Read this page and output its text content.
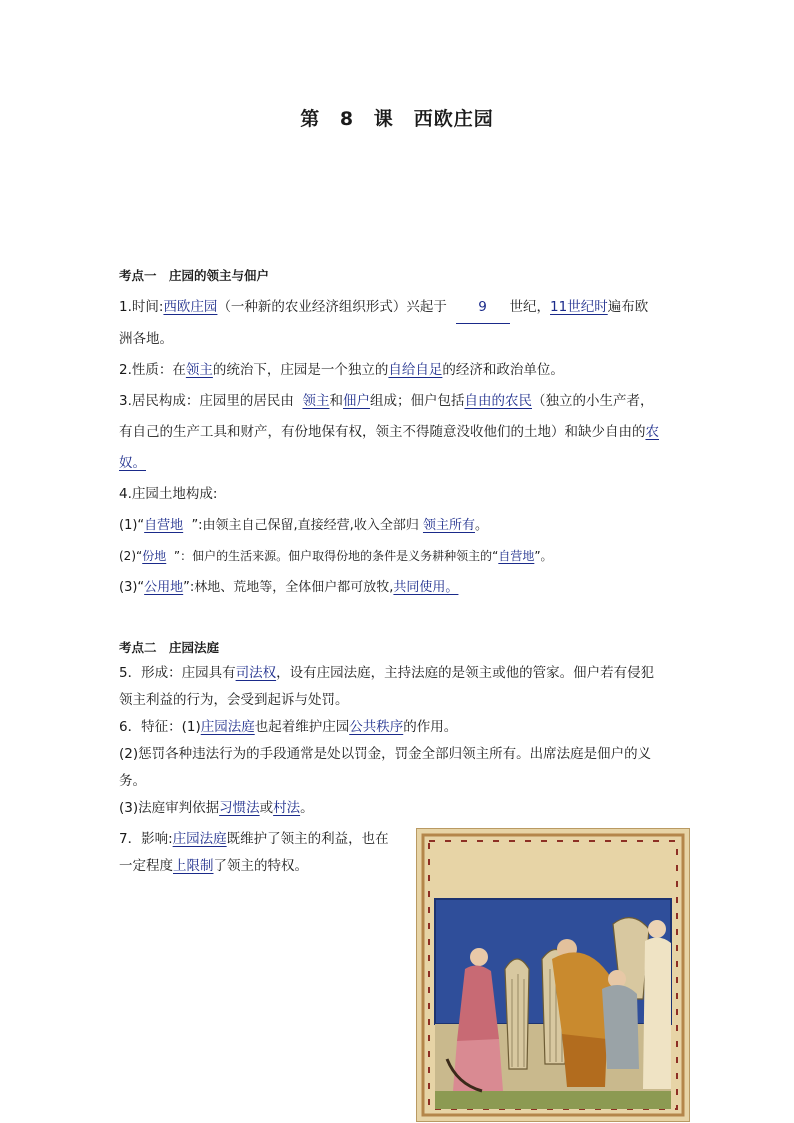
第 8 课　西欧庄园
考点一　庄园的领主与佃户
1.时间:西欧庄园（一种新的农业经济组织形式）兴起于 9 世纪，11世纪时遍布欧
洲各地。
2.性质：在领主的统治下，庄园是一个独立的自给自足的经济和政治单位。
3.居民构成：庄园里的居民由 领主和佃户组成；佃户包括自由的农民（独立的小生产者，
有自己的生产工具和财产，有份地保有权，领主不得随意没收他们的土地）和缺少自由的农
奴。
4.庄园土地构成:
(1)“自营地 ”:由领主自己保留,直接经营,收入全部归 领主所有。
(2)“份地 ”：佃户的生活来源。佃户取得份地的条件是义务耕种领主的“自营地”。
(3)“公用地”:林地、荒地等，全体佃户都可放牧,共同使用。
考点二　庄园法庭
5．形成：庄园具有司法权，设有庄园法庭，主持法庭的是领主或他的管家。佃户若有侵犯
领主利益的行为，会受到起诉与处罚。
6．特征：(1)庄园法庭也起着维护庄园公共秩序的作用。
(2)惩罚各种违法行为的手段通常是处以罚金，罚金全部归领主所有。出席法庭是佃户的义
务。
(3)法庭审判依据习惯法或村法。
7．影响:庄园法庭既维护了领主的利益，也在
一定程度上限制了领主的特权。
